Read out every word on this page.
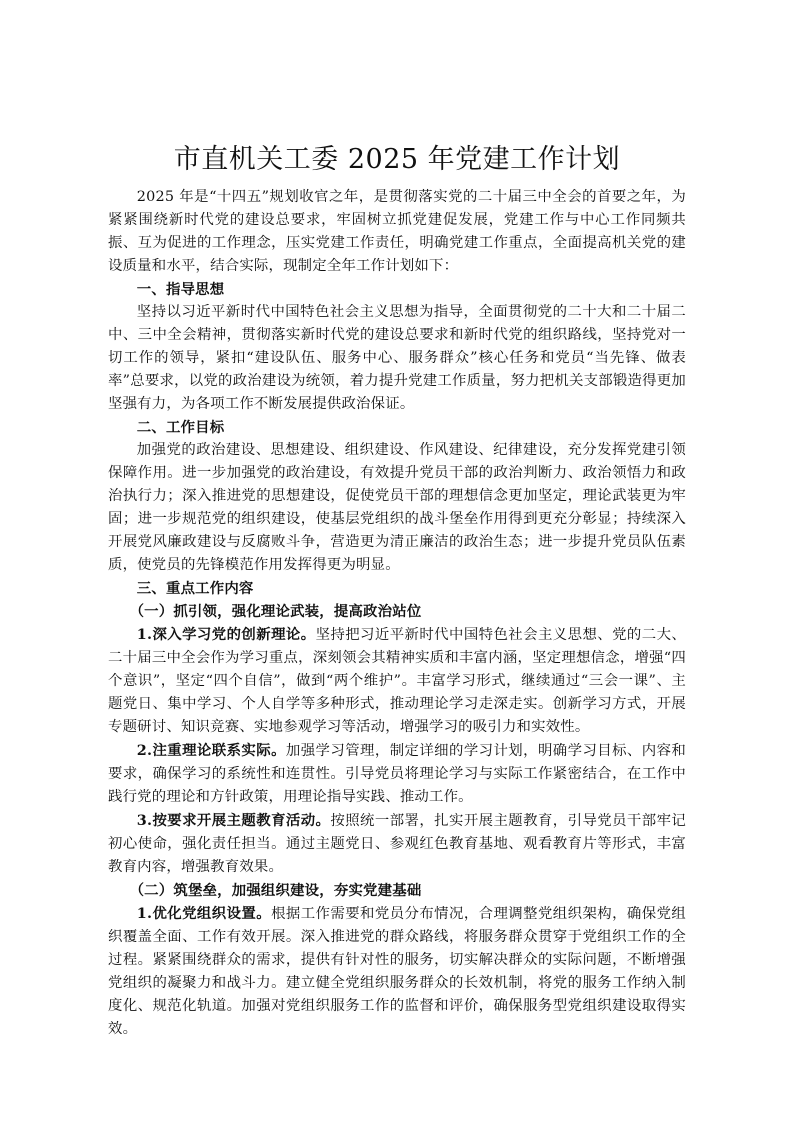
市直机关工委 2025 年党建工作计划

2025 年是“十四五”规划收官之年，是贯彻落实党的二十届三中全会的首要之年，为紧紧围绕新时代党的建设总要求，牢固树立抓党建促发展，党建工作与中心工作同频共振、互为促进的工作理念，压实党建工作责任，明确党建工作重点，全面提高机关党的建设质量和水平，结合实际，现制定全年工作计划如下：

一、指导思想

坚持以习近平新时代中国特色社会主义思想为指导，全面贯彻党的二十大和二十届二中、三中全会精神，贯彻落实新时代党的建设总要求和新时代党的组织路线，坚持党对一切工作的领导，紧扣“建设队伍、服务中心、服务群众”核心任务和党员“当先锋、做表率”总要求，以党的政治建设为统领，着力提升党建工作质量，努力把机关支部锻造得更加坚强有力，为各项工作不断发展提供政治保证。

二、工作目标

加强党的政治建设、思想建设、组织建设、作风建设、纪律建设，充分发挥党建引领保障作用。进一步加强党的政治建设，有效提升党员干部的政治判断力、政治领悟力和政治执行力；深入推进党的思想建设，促使党员干部的理想信念更加坚定，理论武装更为牢固；进一步规范党的组织建设，使基层党组织的战斗堡垒作用得到更充分彰显；持续深入开展党风廉政建设与反腐败斗争，营造更为清正廉洁的政治生态；进一步提升党员队伍素质，使党员的先锋模范作用发挥得更为明显。

三、重点工作内容

（一）抓引领，强化理论武装，提高政治站位

1.深入学习党的创新理论。坚持把习近平新时代中国特色社会主义思想、党的二大、二十届三中全会作为学习重点，深刻领会其精神实质和丰富内涵，坚定理想信念，增强“四个意识”，坚定“四个自信”，做到“两个维护”。丰富学习形式，继续通过“三会一课”、主题党日、集中学习、个人自学等多种形式，推动理论学习走深走实。创新学习方式，开展专题研讨、知识竞赛、实地参观学习等活动，增强学习的吸引力和实效性。

2.注重理论联系实际。加强学习管理，制定详细的学习计划，明确学习目标、内容和要求，确保学习的系统性和连贯性。引导党员将理论学习与实际工作紧密结合，在工作中践行党的理论和方针政策，用理论指导实践、推动工作。

3.按要求开展主题教育活动。按照统一部署，扎实开展主题教育，引导党员干部牢记初心使命，强化责任担当。通过主题党日、参观红色教育基地、观看教育片等形式，丰富教育内容，增强教育效果。

（二）筑堡垒，加强组织建设，夯实党建基础

1.优化党组织设置。根据工作需要和党员分布情况，合理调整党组织架构，确保党组织覆盖全面、工作有效开展。深入推进党的群众路线，将服务群众贯穿于党组织工作的全过程。紧紧围绕群众的需求，提供有针对性的服务，切实解决群众的实际问题，不断增强党组织的凝聚力和战斗力。建立健全党组织服务群众的长效机制，将党的服务工作纳入制度化、规范化轨道。加强对党组织服务工作的监督和评价，确保服务型党组织建设取得实效。
